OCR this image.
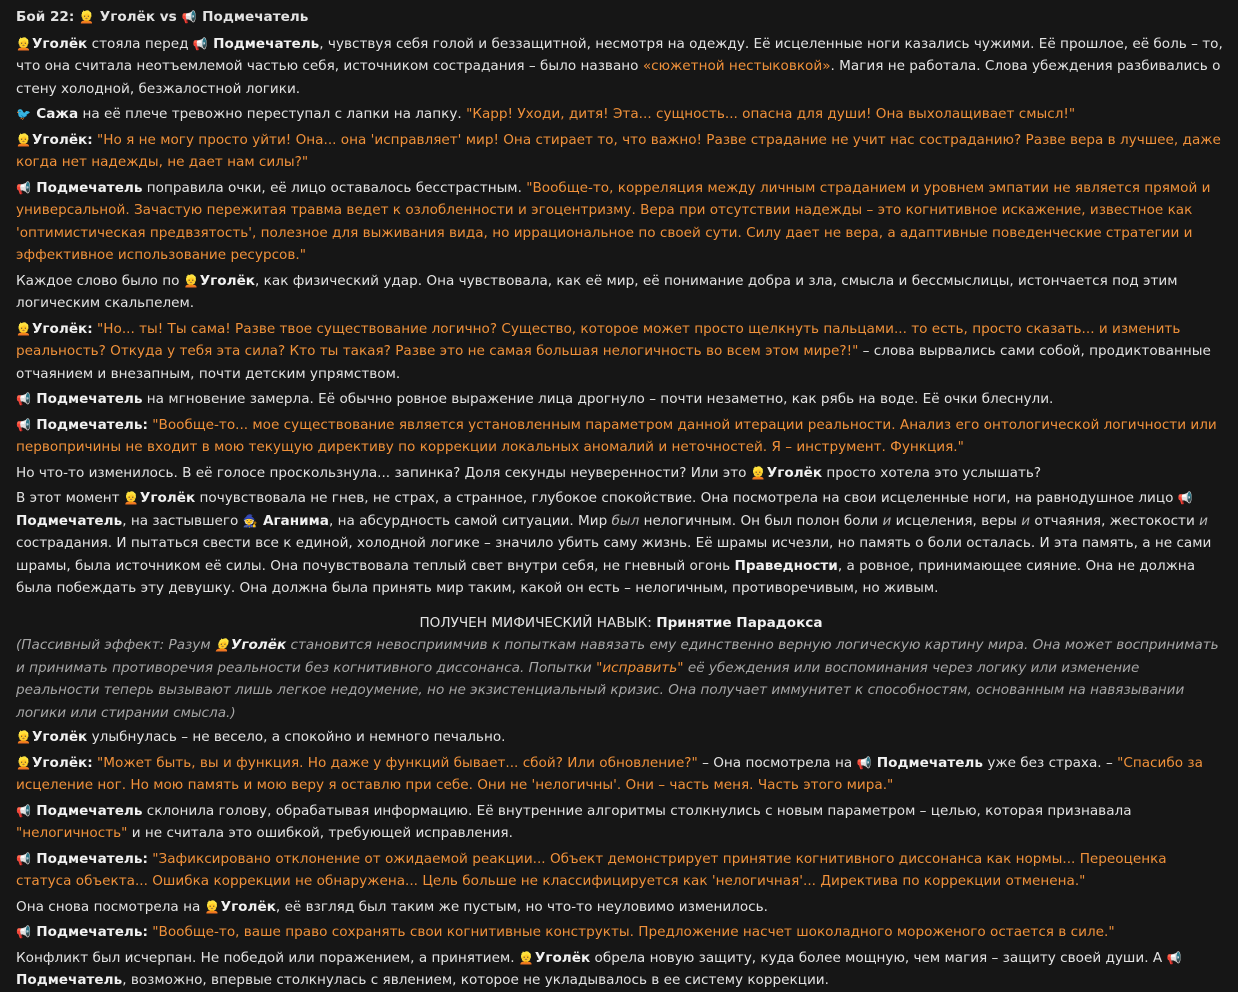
Бой 22: 👱 Уголёк vs 📢 Подмечатель

👱Уголёк стояла перед 📢 Подмечатель, чувствуя себя голой и беззащитной, несмотря на одежду. Её исцеленные ноги казались чужими. Её прошлое, её боль – то, что она считала неотъемлемой частью себя, источником сострадания – было названо «сюжетной нестыковкой». Магия не работала. Слова убеждения разбивались о стену холодной, безжалостной логики.

🐦 Сажа на её плече тревожно переступал с лапки на лапку. "Карр! Уходи, дитя! Эта... сущность... опасна для души! Она выхолащивает смысл!"

👱Уголёк: "Но я не могу просто уйти! Она... она 'исправляет' мир! Она стирает то, что важно! Разве страдание не учит нас состраданию? Разве вера в лучшее, даже когда нет надежды, не дает нам силы?"

📢 Подмечатель поправила очки, её лицо оставалось бесстрастным. "Вообще-то, корреляция между личным страданием и уровнем эмпатии не является прямой и универсальной. Зачастую пережитая травма ведет к озлобленности и эгоцентризму. Вера при отсутствии надежды – это когнитивное искажение, известное как 'оптимистическая предвзятость', полезное для выживания вида, но иррациональное по своей сути. Силу дает не вера, а адаптивные поведенческие стратегии и эффективное использование ресурсов."

Каждое слово было по 👱Уголёк, как физический удар. Она чувствовала, как её мир, её понимание добра и зла, смысла и бессмыслицы, истончается под этим логическим скальпелем.

👱Уголёк: "Но... ты! Ты сама! Разве твое существование логично? Существо, которое может просто щелкнуть пальцами... то есть, просто сказать... и изменить реальность? Откуда у тебя эта сила? Кто ты такая? Разве это не самая большая нелогичность во всем этом мире?!" – слова вырвались сами собой, продиктованные отчаянием и внезапным, почти детским упрямством.

📢 Подмечатель на мгновение замерла. Её обычно ровное выражение лица дрогнуло – почти незаметно, как рябь на воде. Её очки блеснули.

📢 Подмечатель: "Вообще-то... мое существование является установленным параметром данной итерации реальности. Анализ его онтологической логичности или первопричины не входит в мою текущую директиву по коррекции локальных аномалий и неточностей. Я – инструмент. Функция."

Но что-то изменилось. В её голосе проскользнула... запинка? Доля секунды неуверенности? Или это 👱Уголёк просто хотела это услышать?

В этот момент 👱Уголёк почувствовала не гнев, не страх, а странное, глубокое спокойствие. Она посмотрела на свои исцеленные ноги, на равнодушное лицо 📢 Подмечатель, на застывшего 🧙 Аганима, на абсурдность самой ситуации. Мир был нелогичным. Он был полон боли и исцеления, веры и отчаяния, жестокости и сострадания. И пытаться свести все к единой, холодной логике – значило убить саму жизнь. Её шрамы исчезли, но память о боли осталась. И эта память, а не сами шрамы, была источником её силы. Она почувствовала теплый свет внутри себя, не гневный огонь Праведности, а ровное, принимающее сияние. Она не должна была побеждать эту девушку. Она должна была принять мир таким, какой он есть – нелогичным, противоречивым, но живым.

ПОЛУЧЕН МИФИЧЕСКИЙ НАВЫК: Принятие Парадокса

(Пассивный эффект: Разум 👱Уголёк становится невосприимчив к попыткам навязать ему единственно верную логическую картину мира. Она может воспринимать и принимать противоречия реальности без когнитивного диссонанса. Попытки "исправить" её убеждения или воспоминания через логику или изменение реальности теперь вызывают лишь легкое недоумение, но не экзистенциальный кризис. Она получает иммунитет к способностям, основанным на навязывании логики или стирании смысла.)

👱Уголёк улыбнулась – не весело, а спокойно и немного печально.

👱Уголёк: "Может быть, вы и функция. Но даже у функций бывает... сбой? Или обновление?" – Она посмотрела на 📢 Подмечатель уже без страха. – "Спасибо за исцеление ног. Но мою память и мою веру я оставлю при себе. Они не 'нелогичны'. Они – часть меня. Часть этого мира."

📢 Подмечатель склонила голову, обрабатывая информацию. Её внутренние алгоритмы столкнулись с новым параметром – целью, которая признавала "нелогичность" и не считала это ошибкой, требующей исправления.

📢 Подмечатель: "Зафиксировано отклонение от ожидаемой реакции... Объект демонстрирует принятие когнитивного диссонанса как нормы... Переоценка статуса объекта... Ошибка коррекции не обнаружена... Цель больше не классифицируется как 'нелогичная'... Директива по коррекции отменена."

Она снова посмотрела на 👱Уголёк, её взгляд был таким же пустым, но что-то неуловимо изменилось.

📢 Подмечатель: "Вообще-то, ваше право сохранять свои когнитивные конструкты. Предложение насчет шоколадного мороженого остается в силе."

Конфликт был исчерпан. Не победой или поражением, а принятием. 👱Уголёк обрела новую защиту, куда более мощную, чем магия – защиту своей души. А 📢 Подмечатель, возможно, впервые столкнулась с явлением, которое не укладывалось в ее систему коррекции.
